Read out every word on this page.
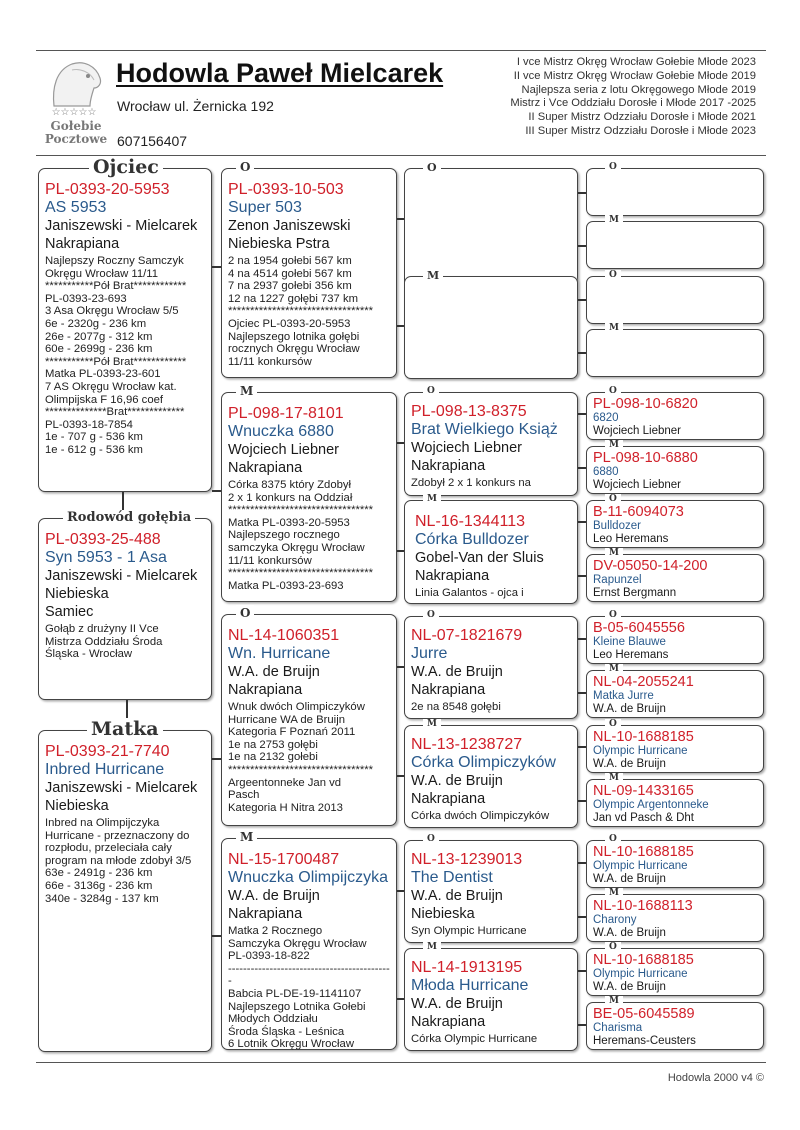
☆☆☆☆☆
Gołebie
Pocztowe
Hodowla Paweł Mielcarek
Wrocław ul. Żernicka 192
607156407
I vce Mistrz Okręg Wrocław Gołebie Młode 2023
II vce Mistrz Okręg Wrocław Gołebie Młode 2019
Najlepsza seria z lotu Okręgowego Młode 2019
Mistrz i Vce Oddziału Dorosłe i Młode 2017 -2025
II Super Mistrz Odzziału Dorosłe i Młode 2021
III Super Mistrz Odzziału Dorosłe i Młode 2023
Ojciec
PL-0393-20-5953
AS 5953
Janiszewski - Mielcarek
Nakrapiana
Najlepszy Roczny Samczyk
Okręgu Wrocław 11/11
***********Pół Brat************
PL-0393-23-693
3 Asa Okręgu Wrocław 5/5
6e - 2320g - 236 km
26e - 2077g - 312 km
60e - 2699g - 236 km
***********Pół Brat************
Matka PL-0393-23-601
7 AS Okręgu Wrocław kat.
Olimpijska F 16,96 coef
**************Brat*************
PL-0393-18-7854
1e - 707 g - 536 km
1e - 612 g - 536 km
Rodowód gołębia
PL-0393-25-488
Syn 5953 - 1 Asa
Janiszewski - Mielcarek
Niebieska
Samiec
Gołąb z drużyny II Vce
Mistrza Oddziału Środa
Śląska - Wrocław
Matka
PL-0393-21-7740
Inbred Hurricane
Janiszewski - Mielcarek
Niebieska
Inbred na Olimpijczyka
Hurricane - przeznaczony do
rozpłodu, przeleciała cały
program na młode zdobył 3/5
63e - 2491g - 236 km
66e - 3136g - 236 km
340e - 3284g - 137 km
O
PL-0393-10-503
Super 503
Zenon Janiszewski
Niebieska Pstra
2 na 1954 gołebi 567 km
4 na 4514 gołebi 567 km
7 na 2937 gołebi 356 km
12 na 1227 gołębi 737 km
*********************************
Ojciec PL-0393-20-5953
Najlepszego lotnika gołębi
rocznych Okręgu Wrocław
11/11 konkursów
M
PL-098-17-8101
Wnuczka 6880
Wojciech Liebner
Nakrapiana
Córka 8375 który Zdobył
2 x 1 konkurs na Oddział
*********************************
Matka PL-0393-20-5953
Najlepszego rocznego
samczyka Okręgu Wrocław
11/11 konkursów
*********************************
Matka PL-0393-23-693
O
NL-14-1060351
Wn. Hurricane
W.A. de Bruijn
Nakrapiana
Wnuk dwóch Olimpiczyków
Hurricane WA de Bruijn
Kategoria F Poznań 2011
1e na 2753 gołębi
1e na 2132 gołebi
*********************************
Argeentonneke Jan vd
Pasch
Kategoria H Nitra 2013
M
NL-15-1700487
Wnuczka Olimpijczyka
W.A. de Bruijn
Nakrapiana
Matka 2 Rocznego
Samczyka Okręgu Wrocław
PL-0393-18-822
--------------------------------------------
Babcia PL-DE-19-1141107
Najlepszego Lotnika Gołebi
Młodych Oddziału
Środa Śląska - Leśnica
6 Lotnik Okręgu Wrocław
O
M
O
PL-098-13-8375
Brat Wielkiego Książ
Wojciech Liebner
Nakrapiana
Zdobył 2 x 1 konkurs na
M
NL-16-1344113
Córka Bulldozer
Gobel-Van der Sluis
Nakrapiana
Linia Galantos - ojca i
O
NL-07-1821679
Jurre
W.A. de Bruijn
Nakrapiana
2e na 8548 gołębi
M
NL-13-1238727
Córka Olimpiczyków
W.A. de Bruijn
Nakrapiana
Córka dwóch Olimpiczyków
O
NL-13-1239013
The Dentist
W.A. de Bruijn
Niebieska
Syn Olympic Hurricane
M
NL-14-1913195
Młoda Hurricane
W.A. de Bruijn
Nakrapiana
Córka Olympic Hurricane
O
M
O
M
O
PL-098-10-6820
6820
Wojciech Liebner
M
PL-098-10-6880
6880
Wojciech Liebner
O
B-11-6094073
Bulldozer
Leo Heremans
M
DV-05050-14-200
Rapunzel
Ernst Bergmann
O
B-05-6045556
Kleine Blauwe
Leo Heremans
M
NL-04-2055241
Matka Jurre
W.A. de Bruijn
O
NL-10-1688185
Olympic Hurricane
W.A. de Bruijn
M
NL-09-1433165
Olympic Argentonneke
Jan vd Pasch & Dht
O
NL-10-1688185
Olympic Hurricane
W.A. de Bruijn
M
NL-10-1688113
Charony
W.A. de Bruijn
O
NL-10-1688185
Olympic Hurricane
W.A. de Bruijn
M
BE-05-6045589
Charisma
Heremans-Ceusters
Hodowla 2000 v4 ©
